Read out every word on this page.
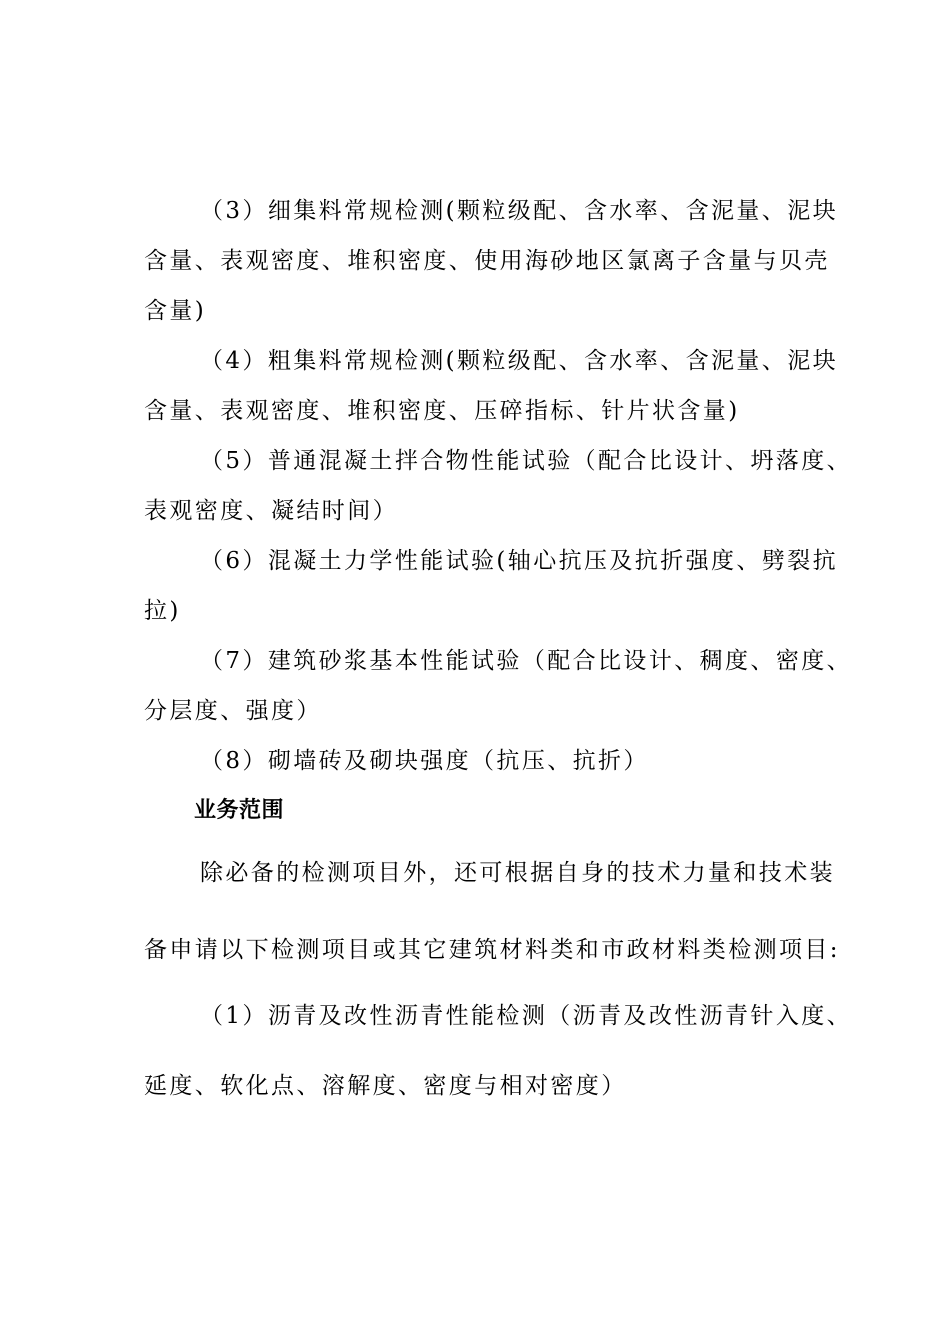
（3）细集料常规检测(颗粒级配、含水率、含泥量、泥块
含量、表观密度、堆积密度、使用海砂地区氯离子含量与贝壳
含量)
（4）粗集料常规检测(颗粒级配、含水率、含泥量、泥块
含量、表观密度、堆积密度、压碎指标、针片状含量)
（5）普通混凝土拌合物性能试验（配合比设计、坍落度、
表观密度、凝结时间）
（6）混凝土力学性能试验(轴心抗压及抗折强度、劈裂抗
拉)
（7）建筑砂浆基本性能试验（配合比设计、稠度、密度、
分层度、强度）
（8）砌墙砖及砌块强度（抗压、抗折）
业务范围
除必备的检测项目外，还可根据自身的技术力量和技术装
备申请以下检测项目或其它建筑材料类和市政材料类检测项目:
（1）沥青及改性沥青性能检测（沥青及改性沥青针入度、
延度、软化点、溶解度、密度与相对密度）
